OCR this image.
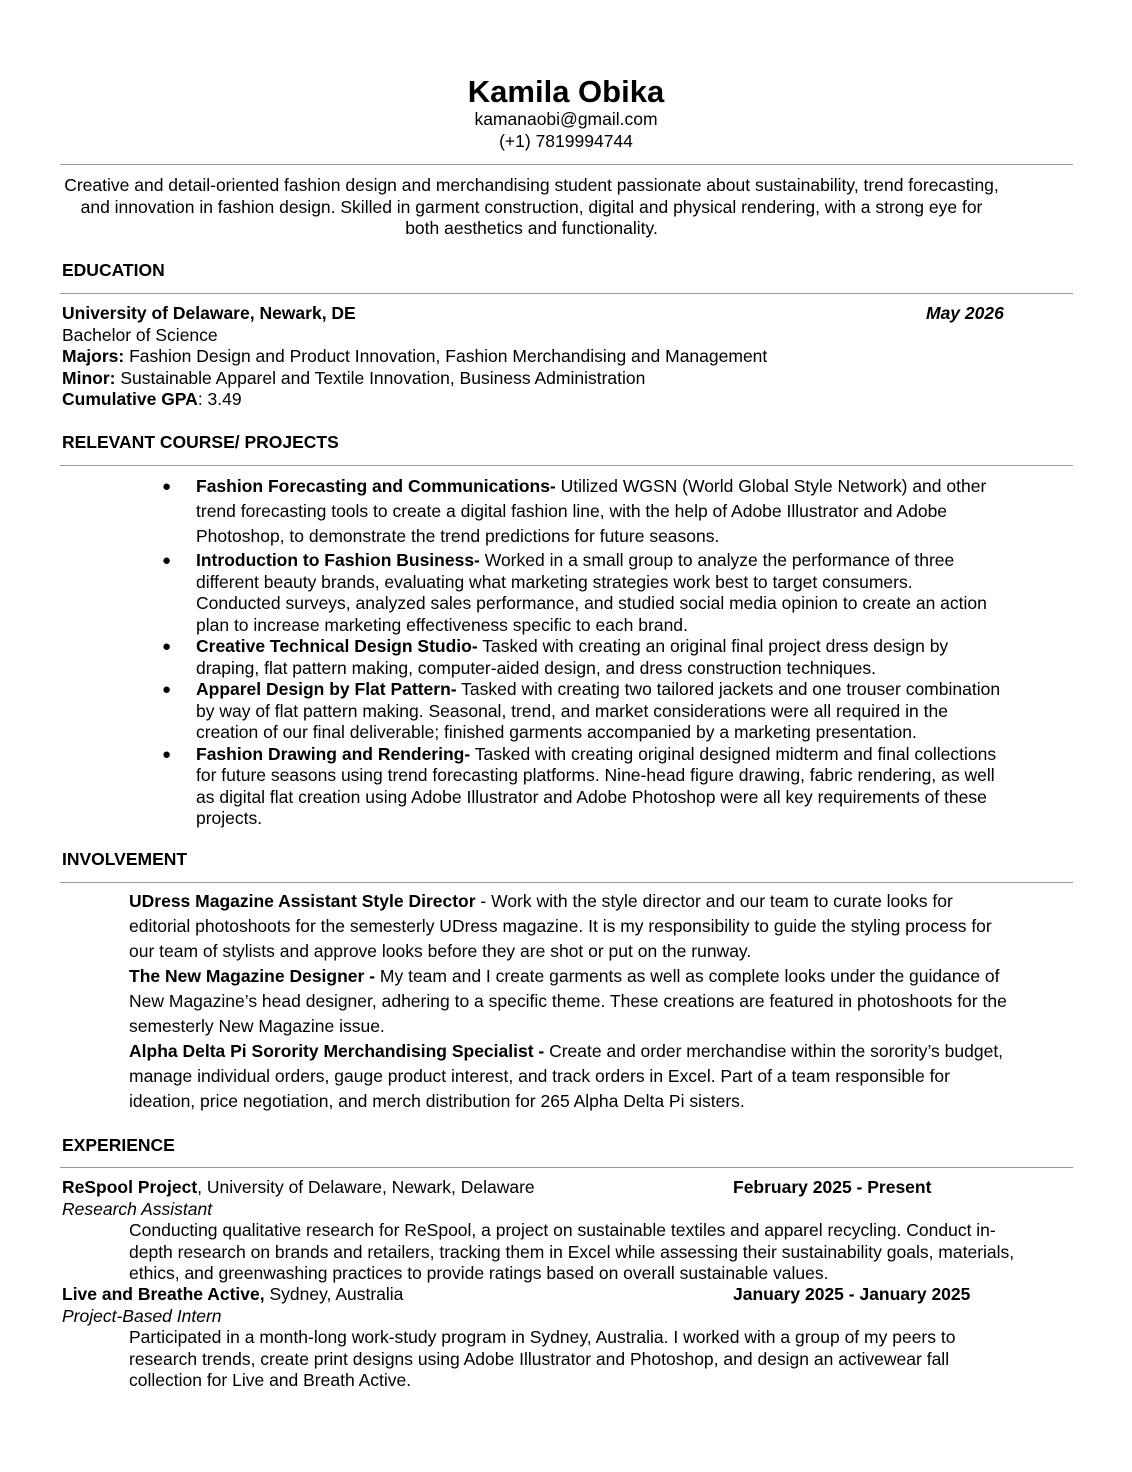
Kamila Obika
kamanaobi@gmail.com
(+1) 7819994744
Creative and detail-oriented fashion design and merchandising student passionate about sustainability, trend forecasting, and innovation in fashion design. Skilled in garment construction, digital and physical rendering, with a strong eye for both aesthetics and functionality.
EDUCATION
University of Delaware, Newark, DE	May 2026
Bachelor of Science
Majors: Fashion Design and Product Innovation, Fashion Merchandising and Management
Minor: Sustainable Apparel and Textile Innovation, Business Administration
Cumulative GPA: 3.49
RELEVANT COURSE/ PROJECTS
● Fashion Forecasting and Communications- Utilized WGSN (World Global Style Network) and other trend forecasting tools to create a digital fashion line, with the help of Adobe Illustrator and Adobe Photoshop, to demonstrate the trend predictions for future seasons.
● Introduction to Fashion Business- Worked in a small group to analyze the performance of three different beauty brands, evaluating what marketing strategies work best to target consumers. Conducted surveys, analyzed sales performance, and studied social media opinion to create an action plan to increase marketing effectiveness specific to each brand.
● Creative Technical Design Studio- Tasked with creating an original final project dress design by draping, flat pattern making, computer-aided design, and dress construction techniques.
● Apparel Design by Flat Pattern- Tasked with creating two tailored jackets and one trouser combination by way of flat pattern making. Seasonal, trend, and market considerations were all required in the creation of our final deliverable; finished garments accompanied by a marketing presentation.
● Fashion Drawing and Rendering- Tasked with creating original designed midterm and final collections for future seasons using trend forecasting platforms. Nine-head figure drawing, fabric rendering, as well as digital flat creation using Adobe Illustrator and Adobe Photoshop were all key requirements of these projects.
INVOLVEMENT
UDress Magazine Assistant Style Director - Work with the style director and our team to curate looks for editorial photoshoots for the semesterly UDress magazine. It is my responsibility to guide the styling process for our team of stylists and approve looks before they are shot or put on the runway.
The New Magazine Designer - My team and I create garments as well as complete looks under the guidance of New Magazine’s head designer, adhering to a specific theme. These creations are featured in photoshoots for the semesterly New Magazine issue.
Alpha Delta Pi Sorority Merchandising Specialist - Create and order merchandise within the sorority’s budget, manage individual orders, gauge product interest, and track orders in Excel. Part of a team responsible for ideation, price negotiation, and merch distribution for 265 Alpha Delta Pi sisters.
EXPERIENCE
ReSpool Project, University of Delaware, Newark, Delaware	February 2025 - Present
Research Assistant
Conducting qualitative research for ReSpool, a project on sustainable textiles and apparel recycling. Conduct in-depth research on brands and retailers, tracking them in Excel while assessing their sustainability goals, materials, ethics, and greenwashing practices to provide ratings based on overall sustainable values.
Live and Breathe Active, Sydney, Australia	January 2025 - January 2025
Project-Based Intern
Participated in a month-long work-study program in Sydney, Australia. I worked with a group of my peers to research trends, create print designs using Adobe Illustrator and Photoshop, and design an activewear fall collection for Live and Breath Active.
